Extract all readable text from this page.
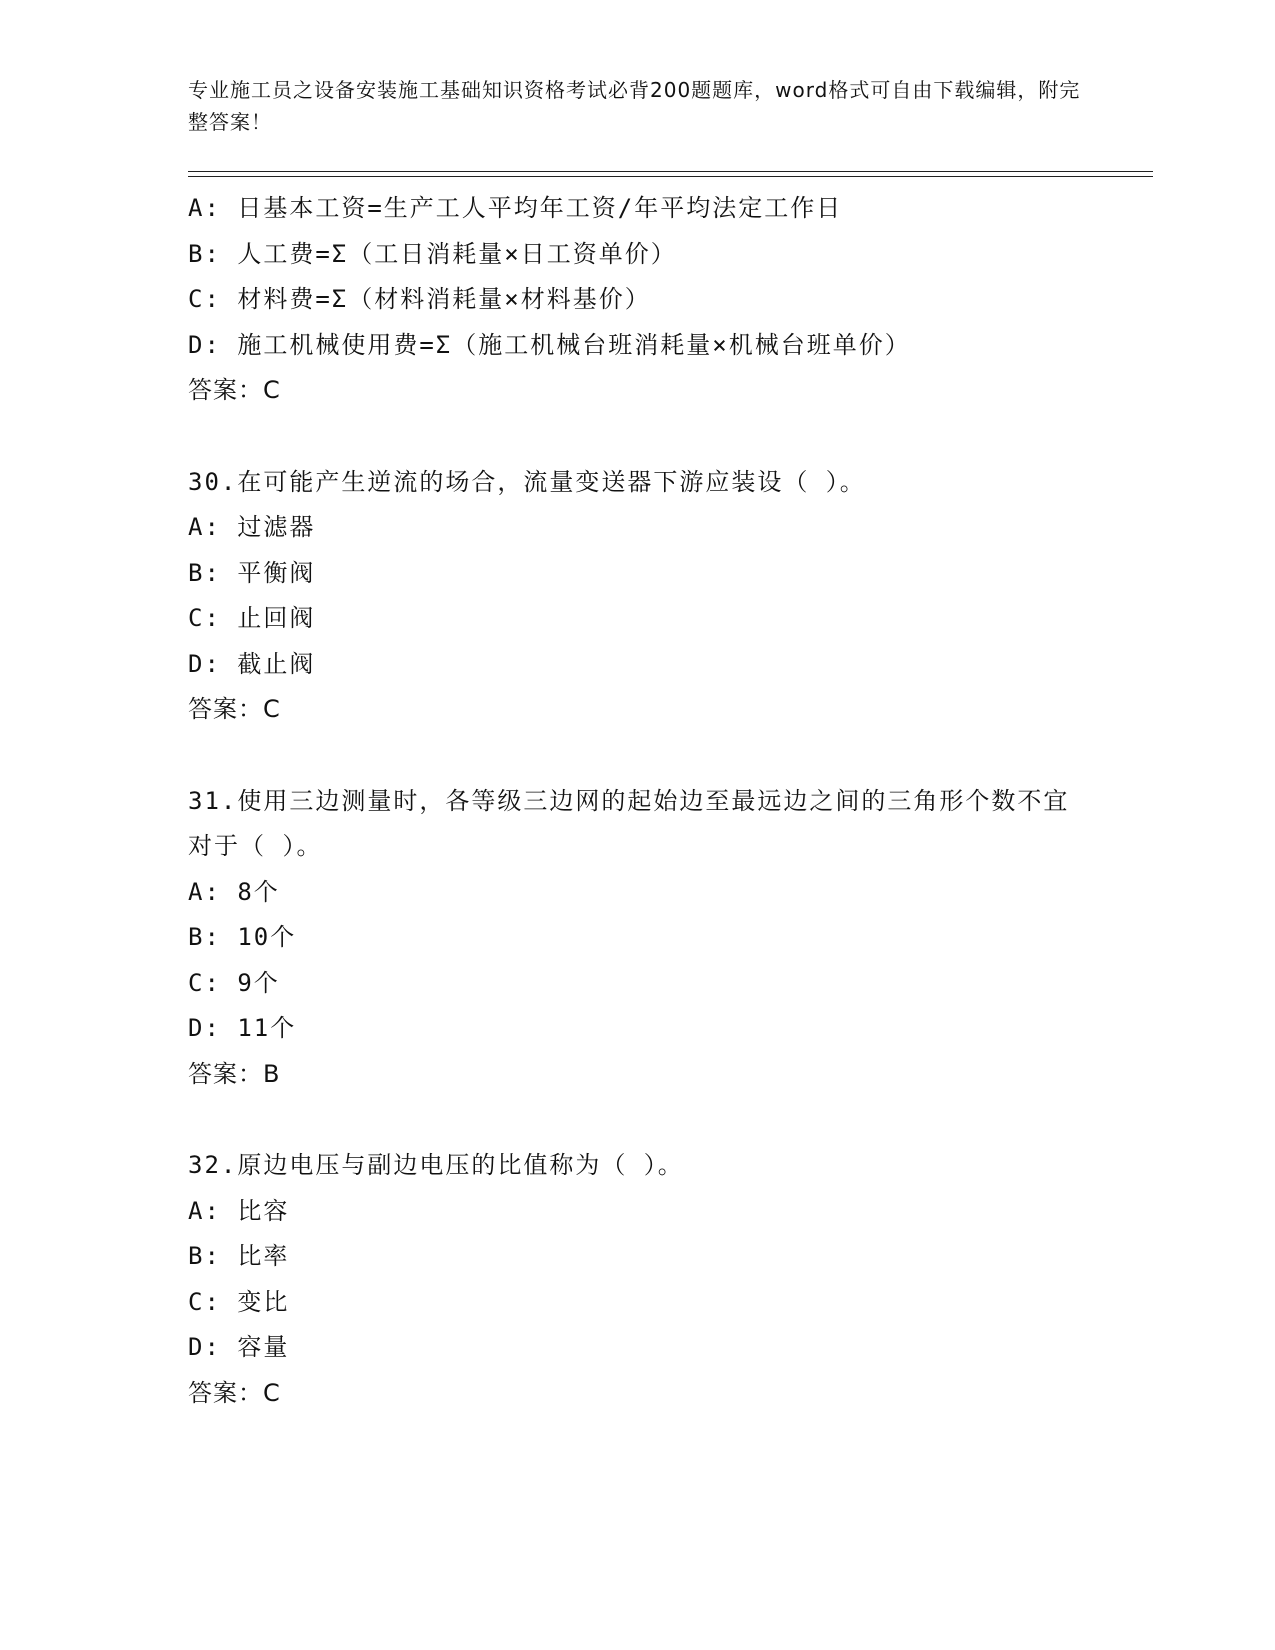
专业施工员之设备安装施工基础知识资格考试必背200题题库，word格式可自由下载编辑，附完整答案！
A: 日基本工资=生产工人平均年工资/年平均法定工作日
B: 人工费=Σ（工日消耗量×日工资单价）
C: 材料费=Σ（材料消耗量×材料基价）
D: 施工机械使用费=Σ（施工机械台班消耗量×机械台班单价）
答案：C
30.在可能产生逆流的场合，流量变送器下游应装设（ ）。
A: 过滤器
B: 平衡阀
C: 止回阀
D: 截止阀
答案：C
31.使用三边测量时，各等级三边网的起始边至最远边之间的三角形个数不宜对于（ ）。
A: 8个
B: 10个
C: 9个
D: 11个
答案：B
32.原边电压与副边电压的比值称为（ ）。
A: 比容
B: 比率
C: 变比
D: 容量
答案：C
